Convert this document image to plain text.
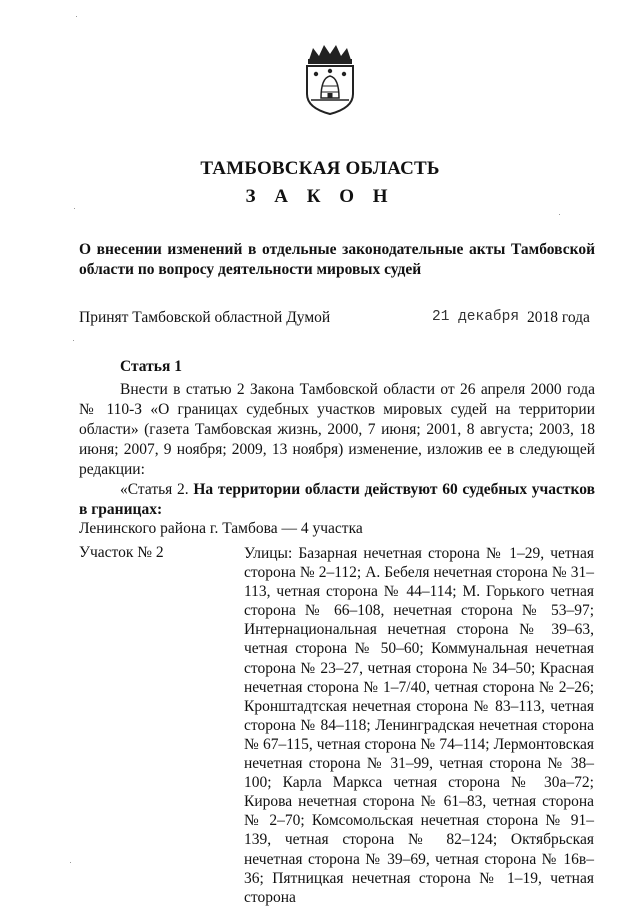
ТАМБОВСКАЯ ОБЛАСТЬ
З А К О Н
О внесении изменений в отдельные законодательные акты Тамбовской области по вопросу деятельности мировых судей
Принят Тамбовской областной Думой	21 декабря 2018 года
Статья 1

Внести в статью 2 Закона Тамбовской области от 26 апреля 2000 года № 110-З «О границах судебных участков мировых судей на территории области» (газета Тамбовская жизнь, 2000, 7 июня; 2001, 8 августа; 2003, 18 июня; 2007, 9 ноября; 2009, 13 ноября) изменение, изложив ее в следующей редакции:

«Статья 2. На территории области действуют 60 судебных участков в границах:

Ленинского района г. Тамбова — 4 участка
Участок № 2	Улицы: Базарная нечетная сторона № 1–29, четная сторона № 2–112; А. Бебеля нечетная сторона № 31–113, четная сторона № 44–114; М. Горького четная сторона № 66–108, нечетная сторона № 53–97; Интернациональная нечетная сторона № 39–63, четная сторона № 50–60; Коммунальная нечетная сторона № 23–27, четная сторона № 34–50; Красная нечетная сторона № 1–7/40, четная сторона № 2–26; Кронштадтская нечетная сторона № 83–113, четная сторона № 84–118; Ленинградская нечетная сторона № 67–115, четная сторона № 74–114; Лермонтовская нечетная сторона № 31–99, четная сторона № 38–100; Карла Маркса четная сторона № 30а–72; Кирова нечетная сторона № 61–83, четная сторона № 2–70; Комсомольская нечетная сторона № 91–139, четная сторона № 82–124; Октябрьская нечетная сторона № 39–69, четная сторона № 16в–36; Пятницкая нечетная сторона № 1–19, четная сторона
